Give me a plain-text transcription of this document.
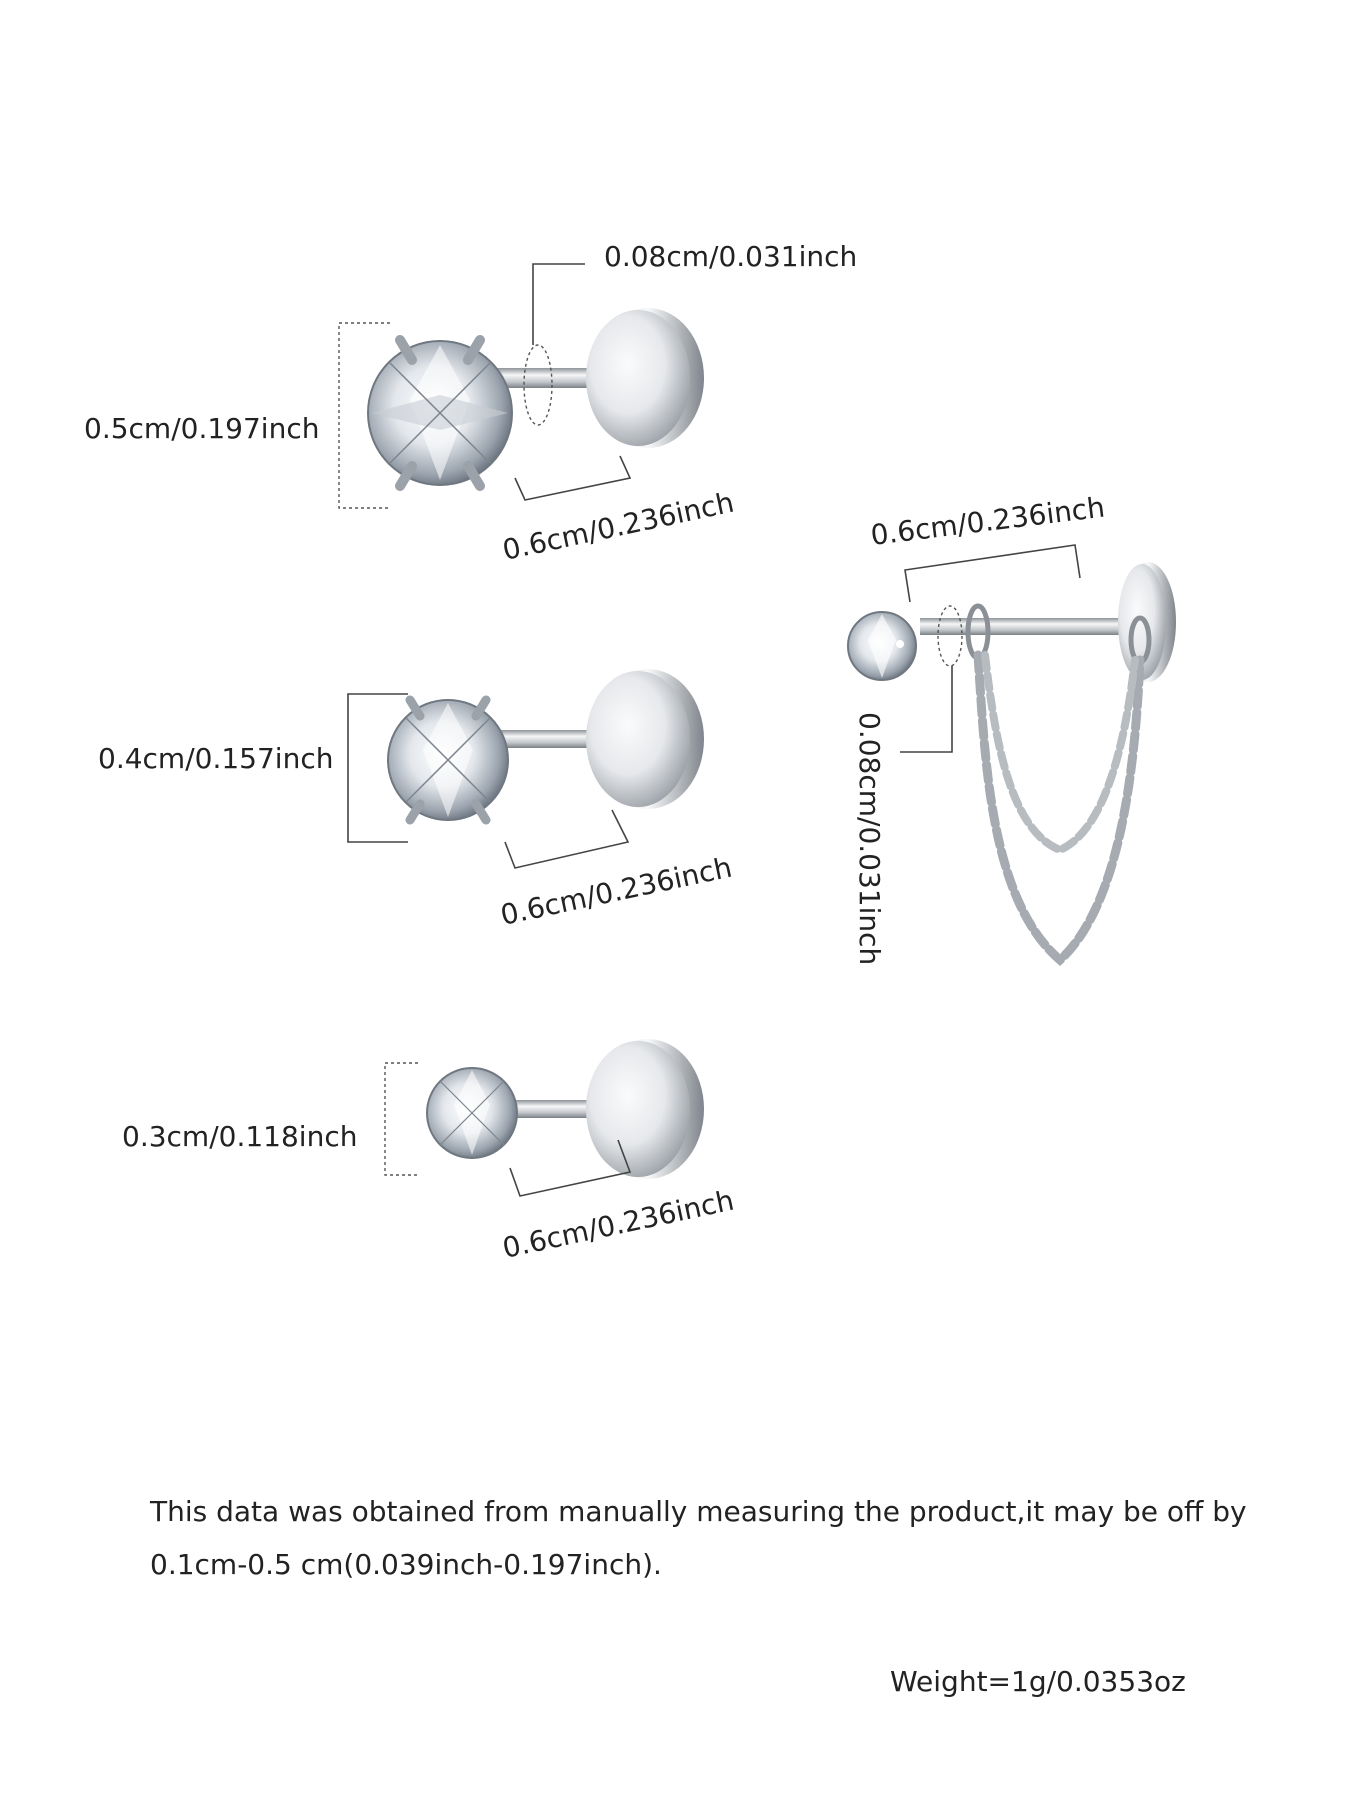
0.08cm/0.031inch
0.5cm/0.197inch
0.6cm/0.236inch
0.4cm/0.157inch
0.6cm/0.236inch
0.3cm/0.118inch
0.6cm/0.236inch
0.08cm/0.031inch
0.6cm/0.236inch
This data was obtained from manually measuring the product,it may be off by
0.1cm-0.5 cm(0.039inch-0.197inch).
Weight=1g/0.0353oz
